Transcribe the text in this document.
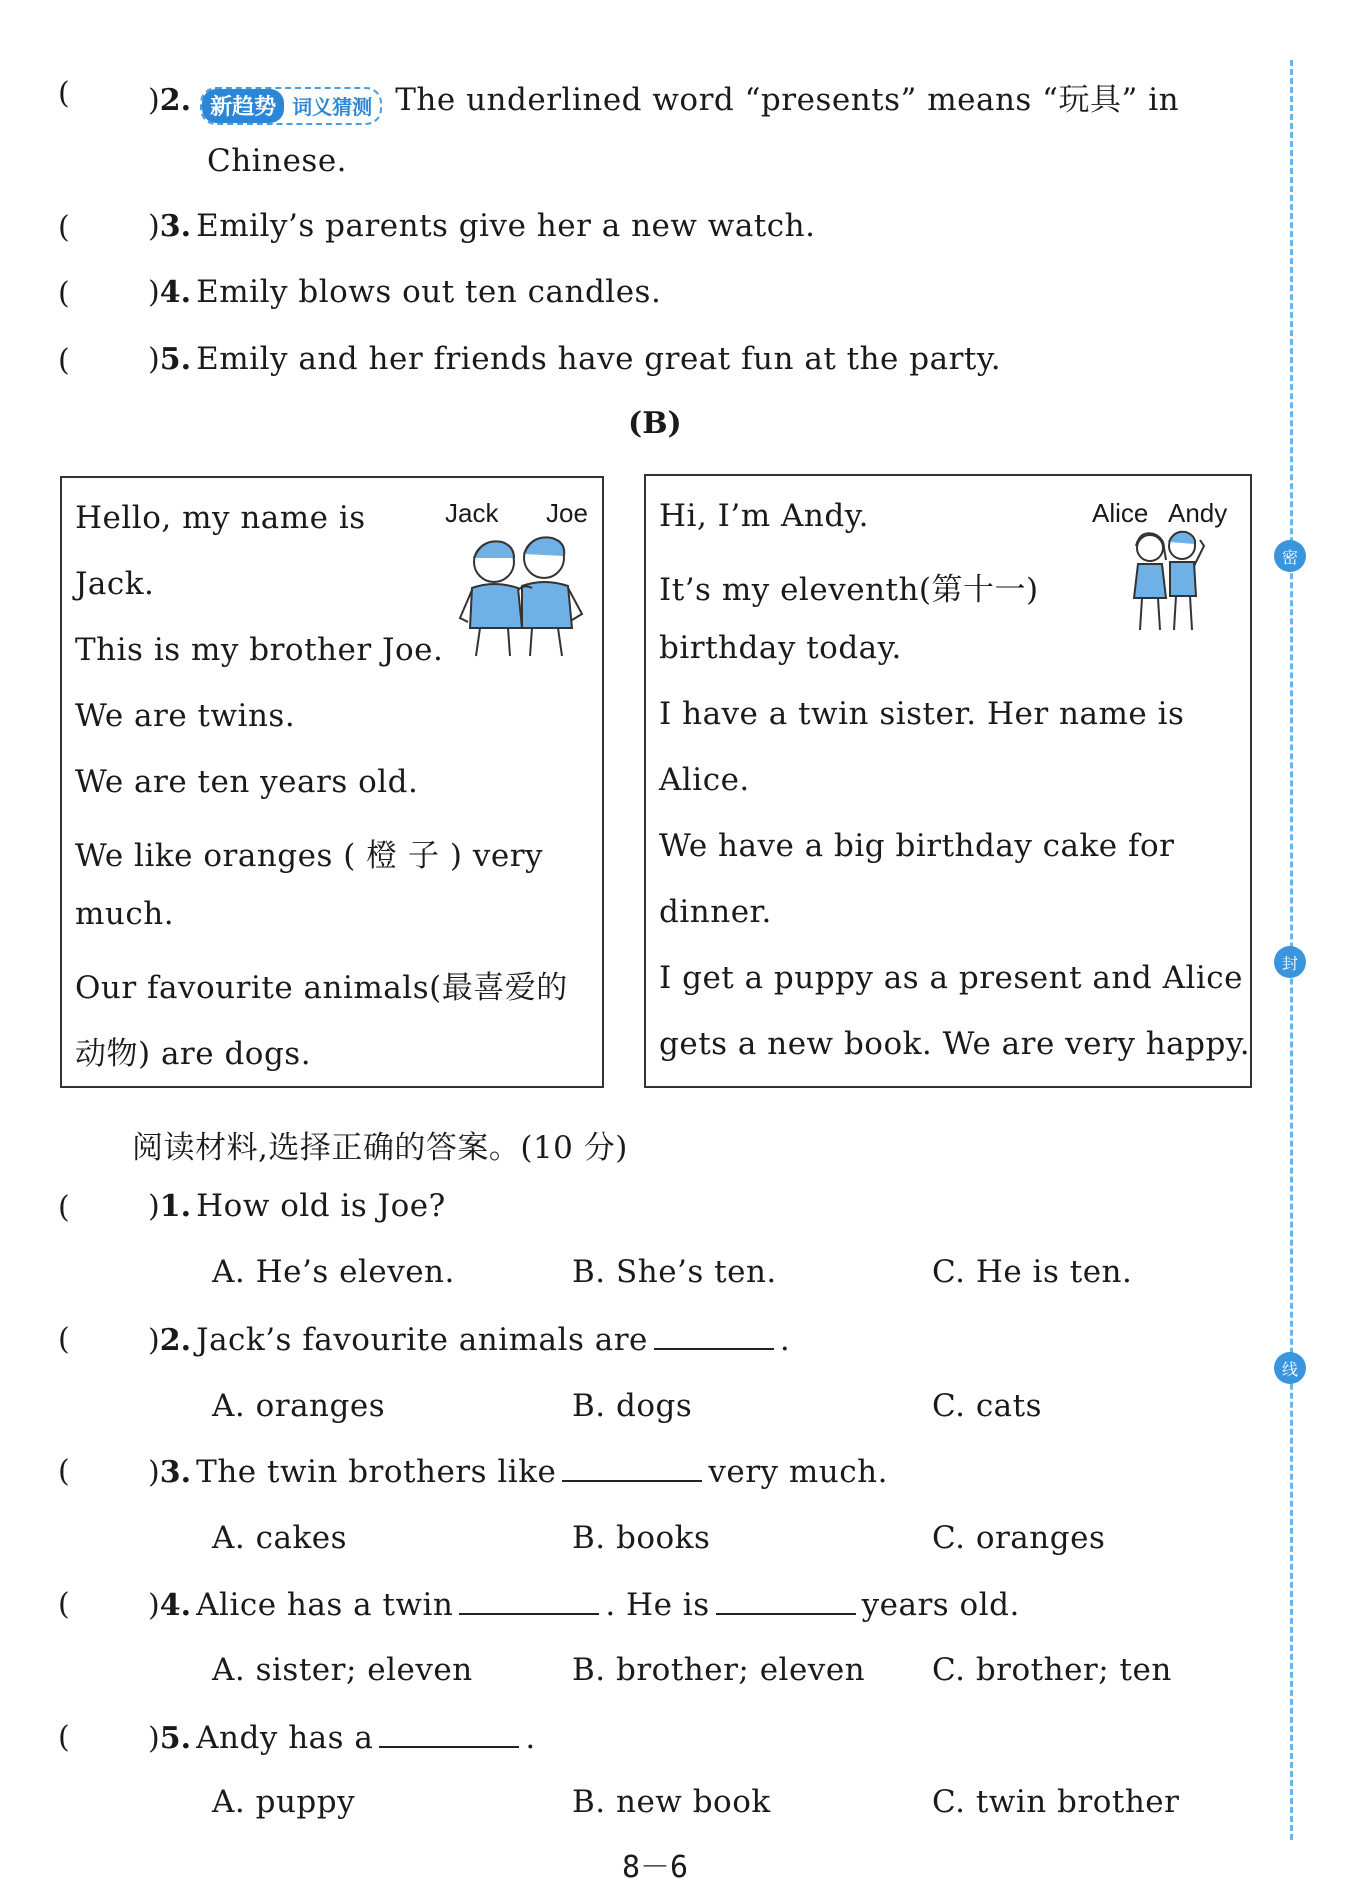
(	)2. 新趋势 词义猜测 The underlined word “presents” means “玩具” in
Chinese.
(	)3. Emily’s parents give her a new watch.
(	)4. Emily blows out ten candles.
(	)5. Emily and her friends have great fun at the party.
(B)
Jack Joe
Hello, my name is
Jack.
This is my brother Joe.
We are twins.
We are ten years old.
We like oranges ( 橙 子 ) very
much.
Our favourite animals(最喜爱的
动物) are dogs.
Alice Andy
Hi, I’m Andy.
It’s my eleventh(第十一)
birthday today.
I have a twin sister. Her name is
Alice.
We have a big birthday cake for
dinner.
I get a puppy as a present and Alice
gets a new book. We are very happy.
阅读材料,选择正确的答案。(10 分)
(	)1. How old is Joe?
A. He’s eleven.	B. She’s ten.	C. He is ten.
(	)2. Jack’s favourite animals are	.
A. oranges	B. dogs	C. cats
(	)3. The twin brothers like	very much.
A. cakes	B. books	C. oranges
(	)4. Alice has a twin	. He is	years old.
A. sister; eleven	B. brother; eleven C. brother; ten
(	)5. Andy has a	.
A. puppy	B. new book	C. twin brother
8－6
密
封
线
